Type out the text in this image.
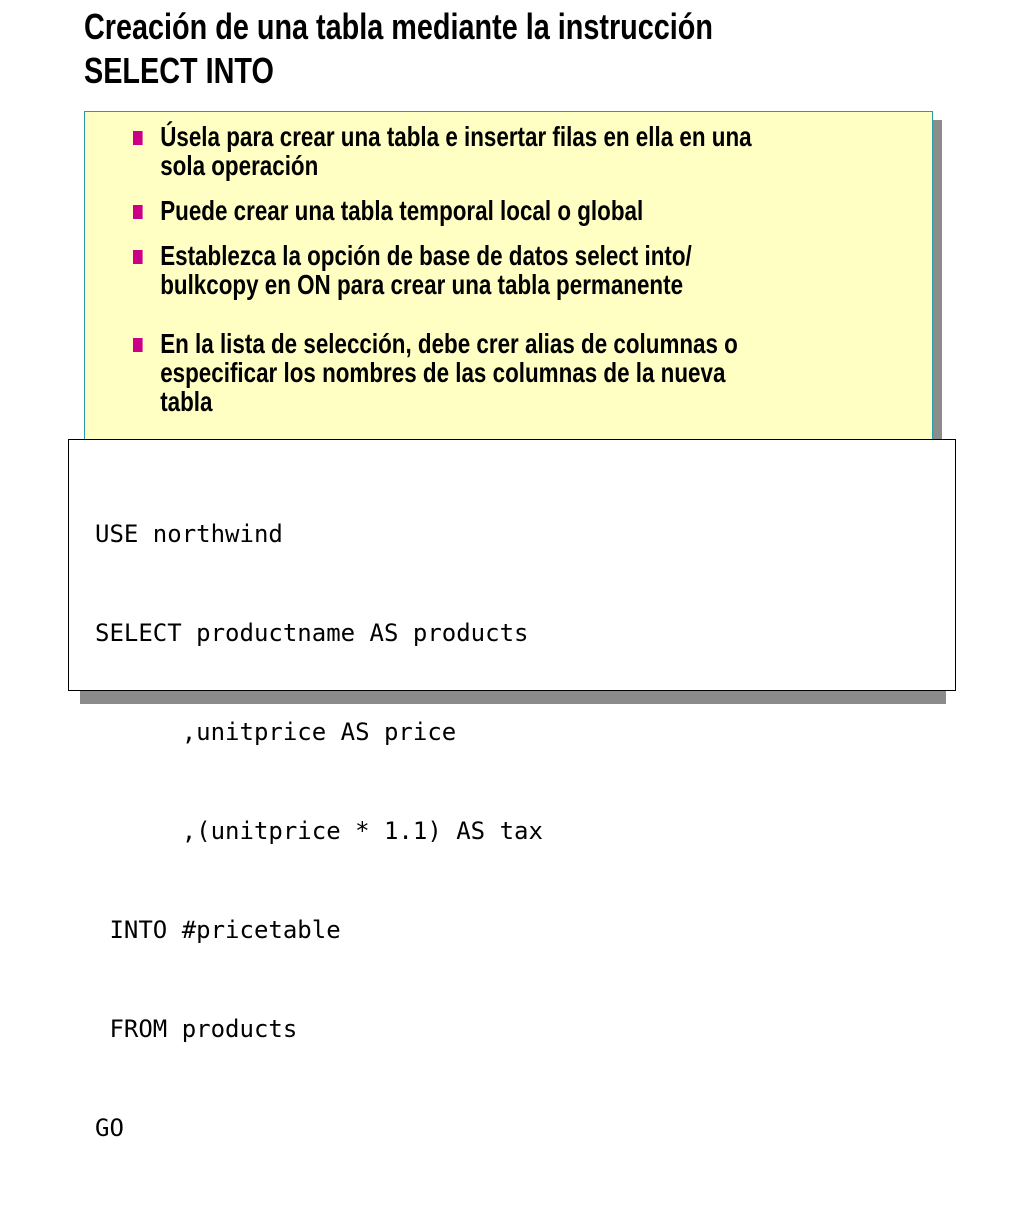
Creación de una tabla mediante la instrucción
SELECT INTO
Úsela para crear una tabla e insertar filas en ella en una
sola operación
Puede crear una tabla temporal local o global
Establezca la opción de base de datos select into/
bulkcopy en ON para crear una tabla permanente
En la lista de selección, debe crer alias de columnas o
especificar los nombres de las columnas de la nueva
tabla

USE northwind

SELECT productname AS products

,unitprice AS price

,(unitprice * 1.1) AS tax

INTO #pricetable

FROM products

GO
